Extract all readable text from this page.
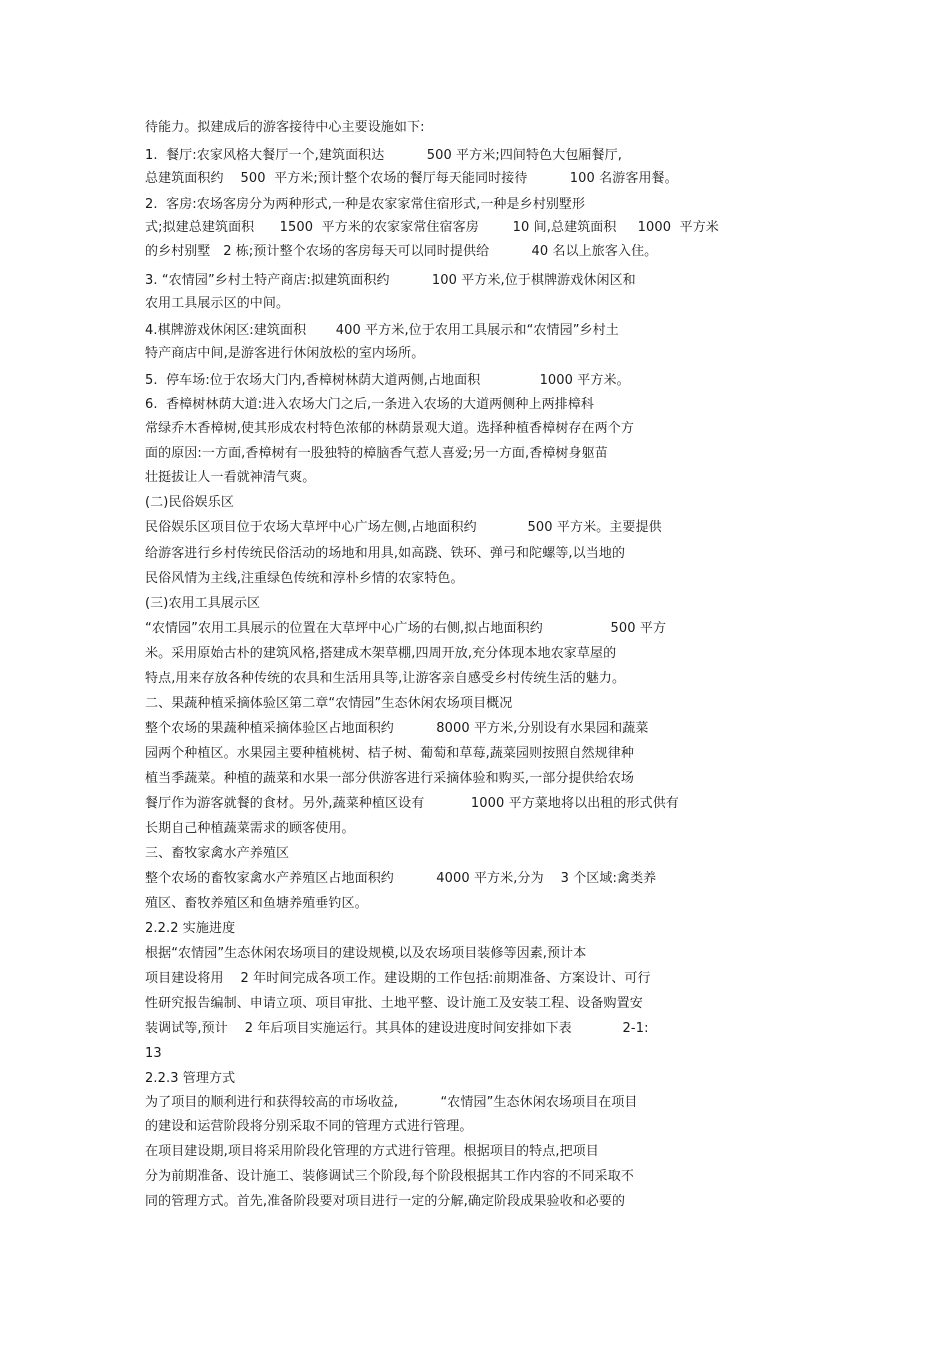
待能力。拟建成后的游客接待中心主要设施如下:
1.  餐厅:农家风格大餐厅一个,建筑面积达          500 平方米;四间特色大包厢餐厅,
总建筑面积约    500  平方米;预计整个农场的餐厅每天能同时接待          100 名游客用餐。
2.  客房:农场客房分为两种形式,一种是农家家常住宿形式,一种是乡村别墅形
式;拟建总建筑面积      1500  平方米的农家家常住宿客房        10 间,总建筑面积     1000  平方米
的乡村别墅   2 栋;预计整个农场的客房每天可以同时提供给          40 名以上旅客入住。
3. “农情园”乡村土特产商店:拟建筑面积约          100 平方米,位于棋牌游戏休闲区和
农用工具展示区的中间。
4.棋牌游戏休闲区:建筑面积       400 平方米,位于农用工具展示和“农情园”乡村土
特产商店中间,是游客进行休闲放松的室内场所。
5.  停车场:位于农场大门内,香樟树林荫大道两侧,占地面积              1000 平方米。
6.  香樟树林荫大道:进入农场大门之后,一条进入农场的大道两侧种上两排樟科
常绿乔木香樟树,使其形成农村特色浓郁的林荫景观大道。选择种植香樟树存在两个方
面的原因:一方面,香樟树有一股独特的樟脑香气惹人喜爱;另一方面,香樟树身躯苗
壮挺拔让人一看就神清气爽。
(二)民俗娱乐区
民俗娱乐区项目位于农场大草坪中心广场左侧,占地面积约            500 平方米。主要提供
给游客进行乡村传统民俗活动的场地和用具,如高跷、铁环、弹弓和陀螺等,以当地的
民俗风情为主线,注重绿色传统和淳朴乡情的农家特色。
(三)农用工具展示区
“农情园”农用工具展示的位置在大草坪中心广场的右侧,拟占地面积约                500 平方
米。采用原始古朴的建筑风格,搭建成木架草棚,四周开放,充分体现本地农家草屋的
特点,用来存放各种传统的农具和生活用具等,让游客亲自感受乡村传统生活的魅力。
二、果蔬种植采摘体验区第二章“农情园”生态休闲农场项目概况
整个农场的果蔬种植采摘体验区占地面积约          8000 平方米,分别设有水果园和蔬菜
园两个种植区。水果园主要种植桃树、桔子树、葡萄和草莓,蔬菜园则按照自然规律种
植当季蔬菜。种植的蔬菜和水果一部分供游客进行采摘体验和购买,一部分提供给农场
餐厅作为游客就餐的食材。另外,蔬菜种植区设有           1000 平方菜地将以出租的形式供有
长期自己种植蔬菜需求的顾客使用。
三、畜牧家禽水产养殖区
整个农场的畜牧家禽水产养殖区占地面积约          4000 平方米,分为    3 个区域:禽类养
殖区、畜牧养殖区和鱼塘养殖垂钓区。
2.2.2 实施进度
根据“农情园”生态休闲农场项目的建设规模,以及农场项目装修等因素,预计本
项目建设将用    2 年时间完成各项工作。建设期的工作包括:前期准备、方案设计、可行
性研究报告编制、申请立项、项目审批、土地平整、设计施工及安装工程、设备购置安
装调试等,预计    2 年后项目实施运行。其具体的建设进度时间安排如下表            2-1:
13
2.2.3 管理方式
为了项目的顺利进行和获得较高的市场收益,          “农情园”生态休闲农场项目在项目
的建设和运营阶段将分别采取不同的管理方式进行管理。
在项目建设期,项目将采用阶段化管理的方式进行管理。根据项目的特点,把项目
分为前期准备、设计施工、装修调试三个阶段,每个阶段根据其工作内容的不同采取不
同的管理方式。首先,准备阶段要对项目进行一定的分解,确定阶段成果验收和必要的
